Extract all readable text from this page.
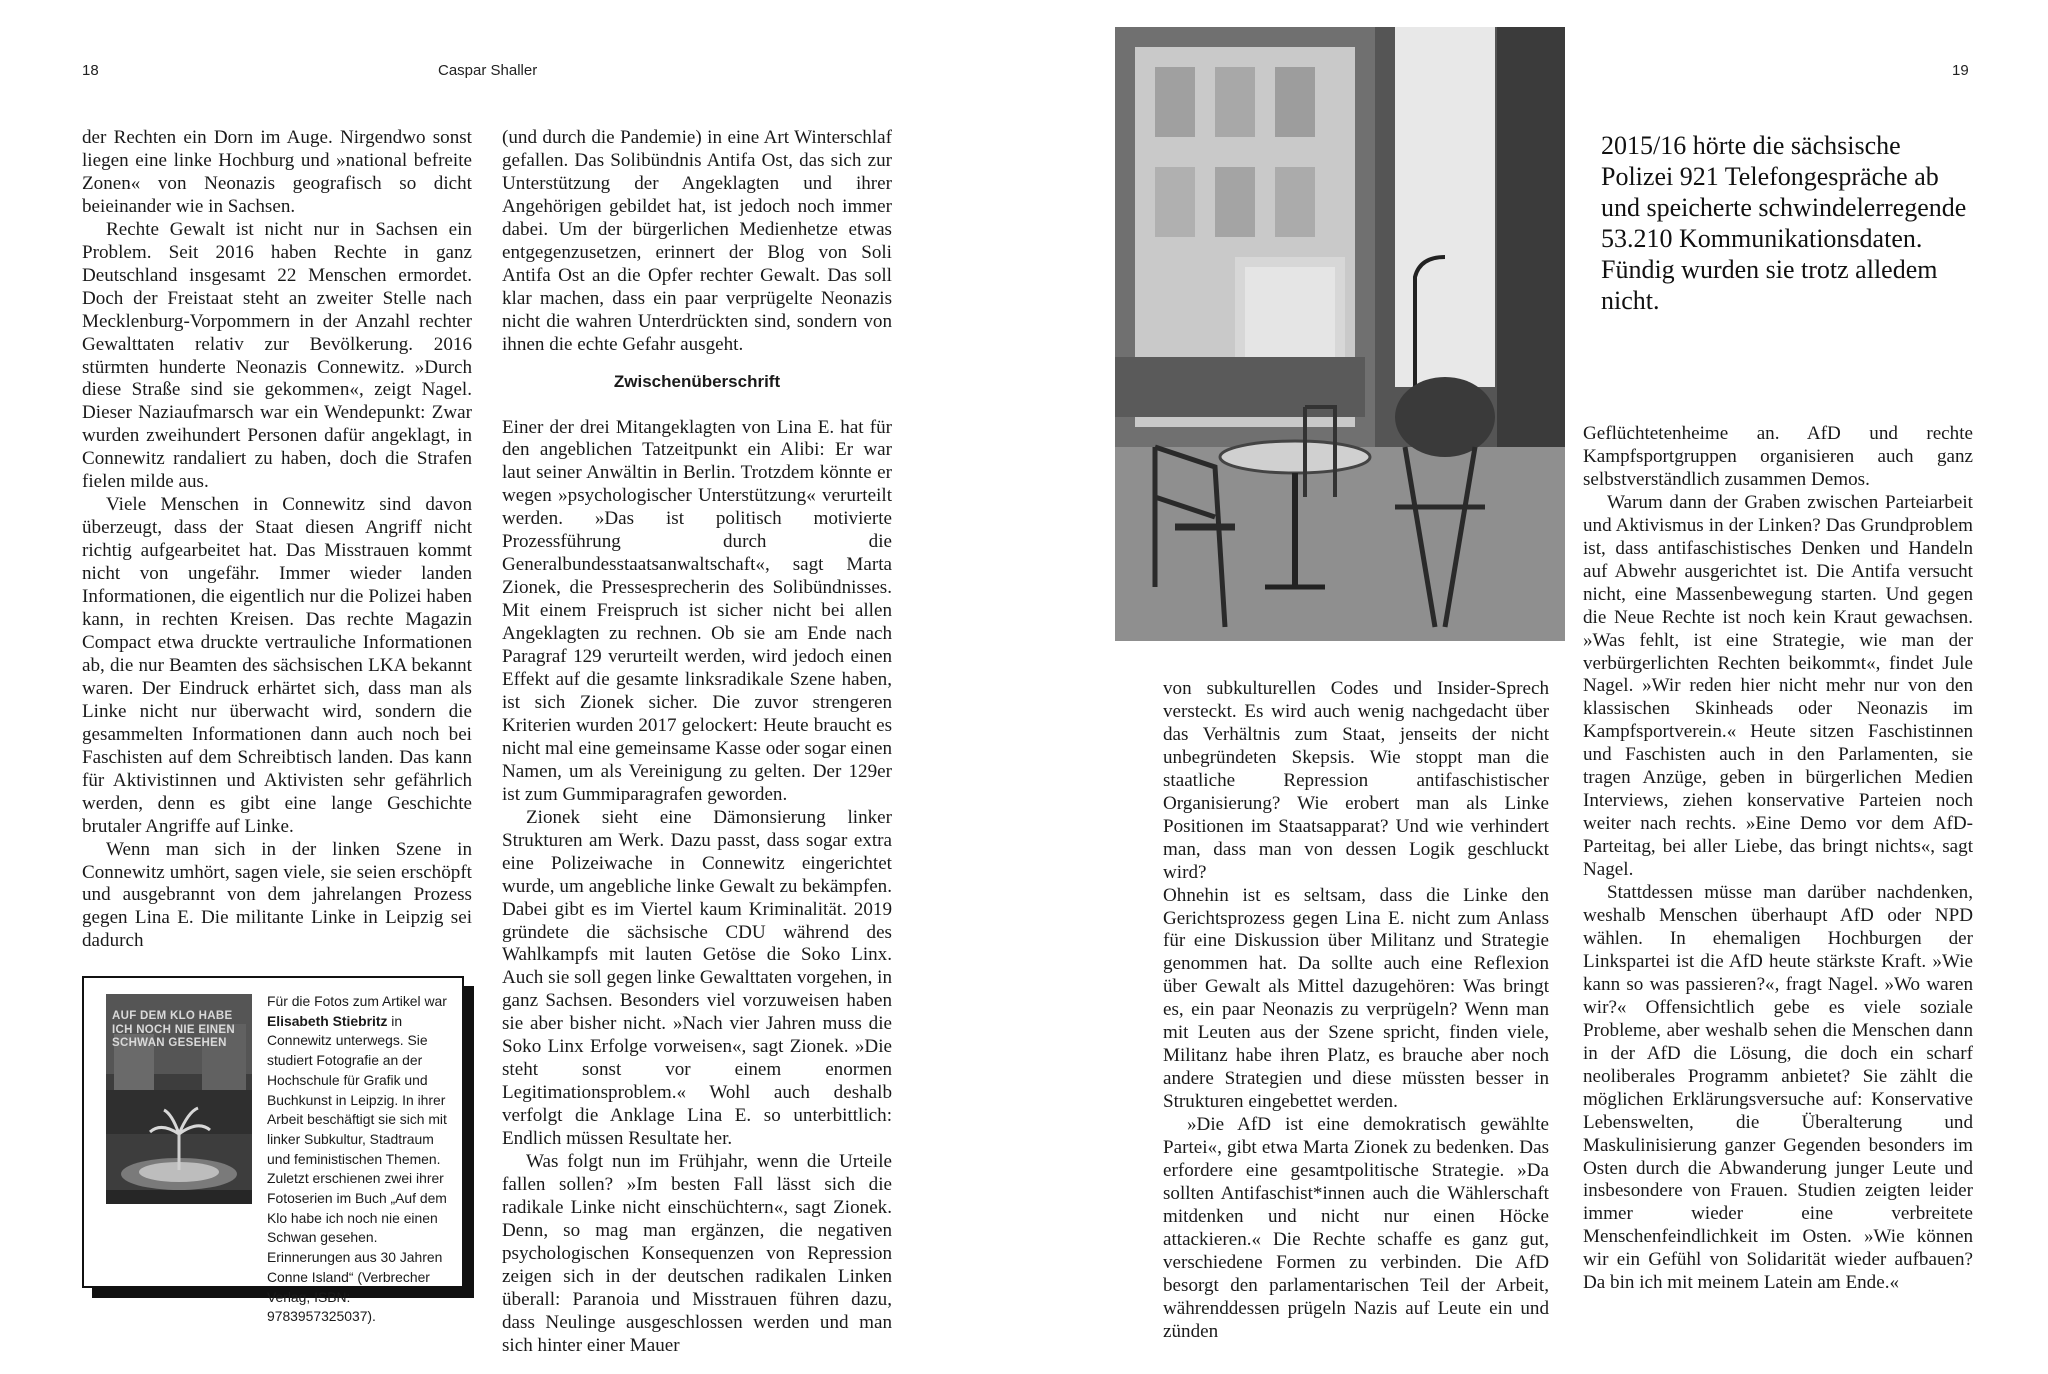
18	Caspar Shaller

der Rechten ein Dorn im Auge. Nirgendwo sonst liegen eine linke Hochburg und »national befreite Zonen« von Neonazis geografisch so dicht beieinander wie in Sachsen.

Rechte Gewalt ist nicht nur in Sachsen ein Problem. Seit 2016 haben Rechte in ganz Deutschland insgesamt 22 Menschen ermordet. Doch der Freistaat steht an zweiter Stelle nach Mecklenburg-Vorpommern in der Anzahl rechter Gewalttaten relativ zur Bevölkerung. 2016 stürmten hunderte Neonazis Connewitz. »Durch diese Straße sind sie gekommen«, zeigt Nagel. Dieser Naziaufmarsch war ein Wendepunkt: Zwar wurden zweihundert Personen dafür angeklagt, in Connewitz randaliert zu haben, doch die Strafen fielen milde aus.

Viele Menschen in Connewitz sind davon überzeugt, dass der Staat diesen Angriff nicht richtig aufgearbeitet hat. Das Misstrauen kommt nicht von ungefähr. Immer wieder landen Informationen, die eigentlich nur die Polizei haben kann, in rechten Kreisen. Das rechte Magazin Compact etwa druckte vertrauliche Informationen ab, die nur Beamten des sächsischen LKA bekannt waren. Der Eindruck erhärtet sich, dass man als Linke nicht nur überwacht wird, sondern die gesammelten Informationen dann auch noch bei Faschisten auf dem Schreibtisch landen. Das kann für Aktivistinnen und Aktivisten sehr gefährlich werden, denn es gibt eine lange Geschichte brutaler Angriffe auf Linke.

Wenn man sich in der linken Szene in Connewitz umhört, sagen viele, sie seien erschöpft und ausgebrannt von dem jahrelangen Prozess gegen Lina E. Die militante Linke in Leipzig sei dadurch

(und durch die Pandemie) in eine Art Winterschlaf gefallen. Das Solibündnis Antifa Ost, das sich zur Unterstützung der Angeklagten und ihrer Angehörigen gebildet hat, ist jedoch noch immer dabei. Um der bürgerlichen Medienhetze etwas entgegenzusetzen, erinnert der Blog von Soli Antifa Ost an die Opfer rechter Gewalt. Das soll klar machen, dass ein paar verprügelte Neonazis nicht die wahren Unterdrückten sind, sondern von ihnen die echte Gefahr ausgeht.

Zwischenüberschrift

Einer der drei Mitangeklagten von Lina E. hat für den angeblichen Tatzeitpunkt ein Alibi: Er war laut seiner Anwältin in Berlin. Trotzdem könnte er wegen »psychologischer Unterstützung« verurteilt werden. »Das ist politisch motivierte Prozessführung durch die Generalbundesstaatsanwaltschaft«, sagt Marta Zionek, die Pressesprecherin des Solibündnisses. Mit einem Freispruch ist sicher nicht bei allen Angeklagten zu rechnen. Ob sie am Ende nach Paragraf 129 verurteilt werden, wird jedoch einen Effekt auf die gesamte linksradikale Szene haben, ist sich Zionek sicher. Die zuvor strengeren Kriterien wurden 2017 gelockert: Heute braucht es nicht mal eine gemeinsame Kasse oder sogar einen Namen, um als Vereinigung zu gelten. Der 129er ist zum Gummiparagrafen geworden.

Zionek sieht eine Dämonsierung linker Strukturen am Werk. Dazu passt, dass sogar extra eine Polizeiwache in Connewitz eingerichtet wurde, um angebliche linke Gewalt zu bekämpfen. Dabei gibt es im Viertel kaum Kriminalität. 2019 gründete die sächsische CDU während des Wahlkampfs mit lauten Getöse die Soko Linx. Auch sie soll gegen linke Gewalttaten vorgehen, in ganz Sachsen. Besonders viel vorzuweisen haben sie aber bisher nicht. »Nach vier Jahren muss die Soko Linx Erfolge vorweisen«, sagt Zionek. »Die steht sonst vor einem enormen Legitimationsproblem.« Wohl auch deshalb verfolgt die Anklage Lina E. so unterbittlich: Endlich müssen Resultate her.

Was folgt nun im Frühjahr, wenn die Urteile fallen sollen? »Im besten Fall lässt sich die radikale Linke nicht einschüchtern«, sagt Zionek. Denn, so mag man ergänzen, die negativen psychologischen Konsequenzen von Repression zeigen sich in der deutschen radikalen Linken überall: Paranoia und Misstrauen führen dazu, dass Neulinge ausgeschlossen werden und man sich hinter einer Mauer

AUF DEM KLO HABE ICH NOCH NIE EINEN SCHWAN GESEHEN
Für die Fotos zum Artikel war Elisabeth Stiebritz in Connewitz unterwegs. Sie studiert Fotografie an der Hochschule für Grafik und Buchkunst in Leipzig. In ihrer Arbeit beschäftigt sie sich mit linker Subkultur, Stadtraum und feministischen Themen. Zuletzt erschienen zwei ihrer Fotoserien im Buch „Auf dem Klo habe ich noch nie einen Schwan gesehen. Erinnerungen aus 30 Jahren Conne Island“ (Verbrecher Verlag, ISBN: 9783957325037).
19
2015/16 hörte die sächsische Polizei 921 Telefongespräche ab und speicherte schwindelerregende 53.210 Kommunikationsdaten. Fündig wurden sie trotz alledem nicht.

von subkulturellen Codes und Insider-Sprech versteckt. Es wird auch wenig nachgedacht über das Verhältnis zum Staat, jenseits der nicht unbegründeten Skepsis. Wie stoppt man die staatliche Repression antifaschistischer Organisierung? Wie erobert man als Linke Positionen im Staatsapparat? Und wie verhindert man, dass man von dessen Logik geschluckt wird?

Ohnehin ist es seltsam, dass die Linke den Gerichtsprozess gegen Lina E. nicht zum Anlass für eine Diskussion über Militanz und Strategie genommen hat. Da sollte auch eine Reflexion über Gewalt als Mittel dazugehören: Was bringt es, ein paar Neonazis zu verprügeln? Wenn man mit Leuten aus der Szene spricht, finden viele, Militanz habe ihren Platz, es brauche aber noch andere Strategien und diese müssten besser in Strukturen eingebettet werden.

»Die AfD ist eine demokratisch gewählte Partei«, gibt etwa Marta Zionek zu bedenken. Das erfordere eine gesamtpolitische Strategie. »Da sollten Antifaschist*innen auch die Wählerschaft mitdenken und nicht nur einen Höcke attackieren.« Die Rechte schaffe es ganz gut, verschiedene Formen zu verbinden. Die AfD besorgt den parlamentarischen Teil der Arbeit, währenddessen prügeln Nazis auf Leute ein und zünden

Geflüchtetenheime an. AfD und rechte Kampfsportgruppen organisieren auch ganz selbstverständlich zusammen Demos.

Warum dann der Graben zwischen Parteiarbeit und Aktivismus in der Linken? Das Grundproblem ist, dass antifaschistisches Denken und Handeln auf Abwehr ausgerichtet ist. Die Antifa versucht nicht, eine Massenbewegung starten. Und gegen die Neue Rechte ist noch kein Kraut gewachsen. »Was fehlt, ist eine Strategie, wie man der verbürgerlichten Rechten beikommt«, findet Jule Nagel. »Wir reden hier nicht mehr nur von den klassischen Skinheads oder Neonazis im Kampfsportverein.« Heute sitzen Faschistinnen und Faschisten auch in den Parlamenten, sie tragen Anzüge, geben in bürgerlichen Medien Interviews, ziehen konservative Parteien noch weiter nach rechts. »Eine Demo vor dem AfD-Parteitag, bei aller Liebe, das bringt nichts«, sagt Nagel.

Stattdessen müsse man darüber nachdenken, weshalb Menschen überhaupt AfD oder NPD wählen. In ehemaligen Hochburgen der Linkspartei ist die AfD heute stärkste Kraft. »Wie kann so was passieren?«, fragt Nagel. »Wo waren wir?« Offensichtlich gebe es viele soziale Probleme, aber weshalb sehen die Menschen dann in der AfD die Lösung, die doch ein scharf neoliberales Programm anbietet? Sie zählt die möglichen Erklärungsversuche auf: Konservative Lebenswelten, die Überalterung und Maskulinisierung ganzer Gegenden besonders im Osten durch die Abwanderung junger Leute und insbesondere von Frauen. Studien zeigten leider immer wieder eine verbreitete Menschenfeindlichkeit im Osten. »Wie können wir ein Gefühl von Solidarität wieder aufbauen? Da bin ich mit meinem Latein am Ende.«
